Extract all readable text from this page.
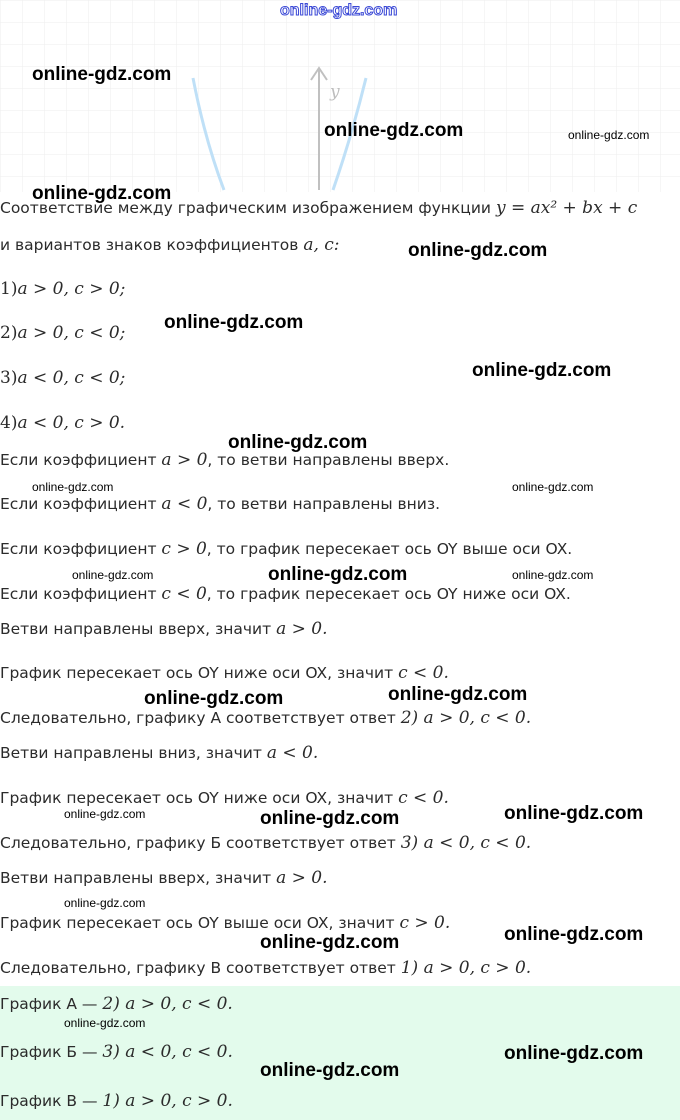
y
Соответствие между графическим изображением функции y = ax² + bx + c
и вариантов знаков коэффициентов a, c:
1)a > 0, c > 0;
2)a > 0, c < 0;
3)a < 0, c < 0;
4)a < 0, c > 0.
Если коэффициент a > 0, то ветви направлены вверх.
Если коэффициент a < 0, то ветви направлены вниз.
Если коэффициент c > 0, то график пересекает ось OY выше оси OX.
Если коэффициент c < 0, то график пересекает ось OY ниже оси OX.
Ветви направлены вверх, значит a > 0.
График пересекает ось OY ниже оси OX, значит c < 0.
Следовательно, графику А соответствует ответ 2) a > 0, c < 0.
Ветви направлены вниз, значит a < 0.
График пересекает ось OY ниже оси OX, значит c < 0.
Следовательно, графику Б соответствует ответ 3) a < 0, c < 0.
Ветви направлены вверх, значит a > 0.
График пересекает ось OY выше оси OX, значит c > 0.
Следовательно, графику В соответствует ответ 1) a > 0, c > 0.
График А — 2) a > 0, c < 0.
График Б — 3) a < 0, c < 0.
График В — 1) a > 0, c > 0.
online-gdz.com
online-gdz.com
online-gdz.com	online-gdz.com
online-gdz.com
online-gdz.com
online-gdz.com
online-gdz.com
online-gdz.com
online-gdz.com	online-gdz.com
online-gdz.com	online-gdz.com	online-gdz.com
online-gdz.com	online-gdz.com
online-gdz.com	online-gdz.com	online-gdz.com
online-gdz.com
online-gdz.com	online-gdz.com
online-gdz.com
online-gdz.com
online-gdz.com
